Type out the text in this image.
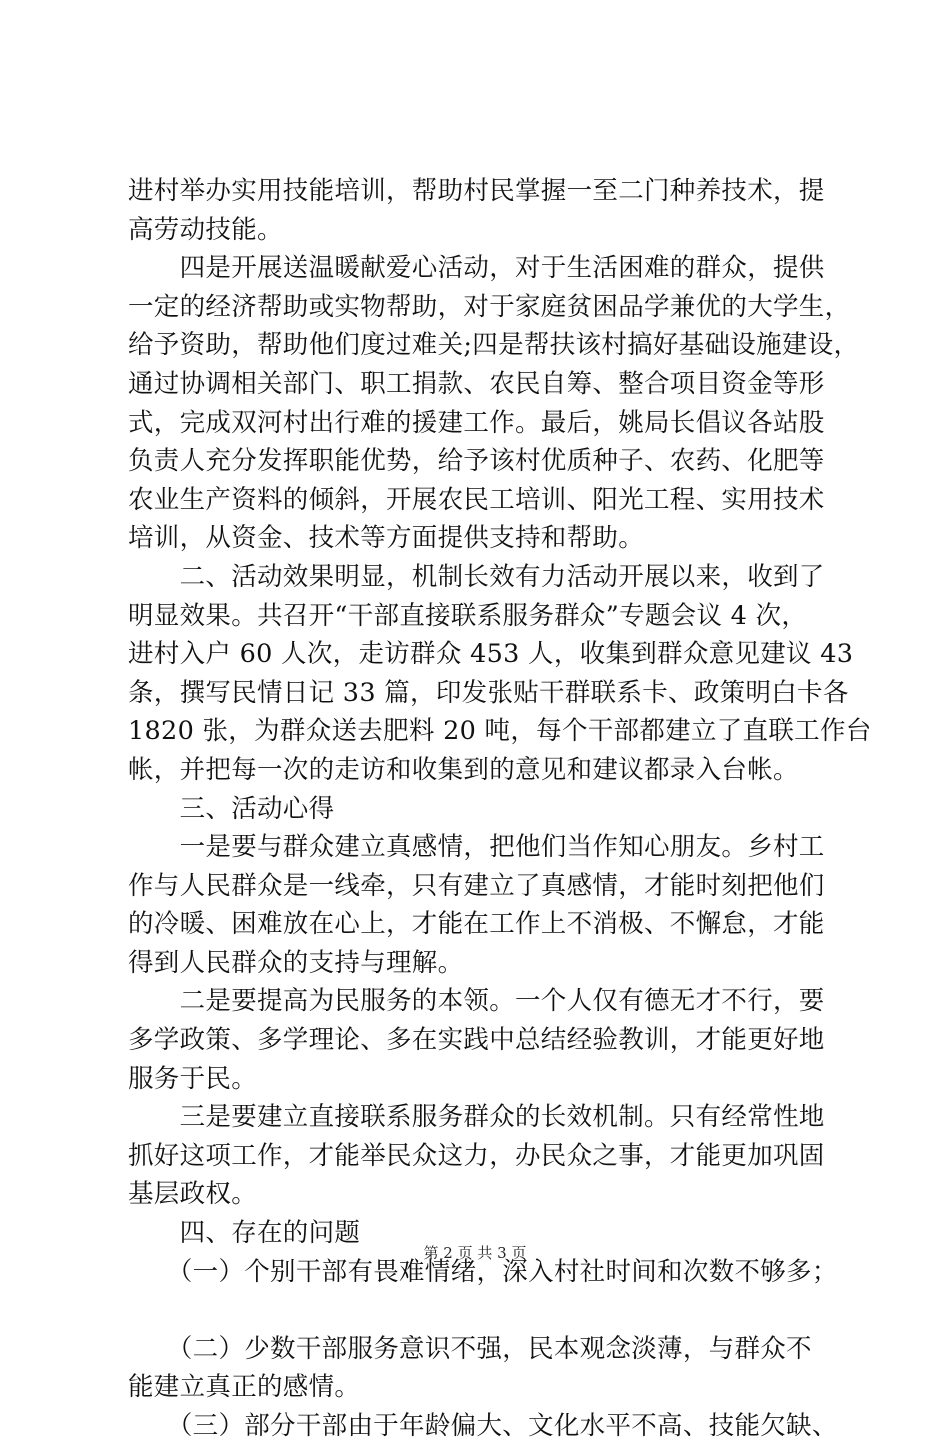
进村举办实用技能培训，帮助村民掌握一至二门种养技术，提
高劳动技能。
　　四是开展送温暖献爱心活动，对于生活困难的群众，提供
一定的经济帮助或实物帮助，对于家庭贫困品学兼优的大学生，
给予资助，帮助他们度过难关;四是帮扶该村搞好基础设施建设，
通过协调相关部门、职工捐款、农民自筹、整合项目资金等形
式，完成双河村出行难的援建工作。最后，姚局长倡议各站股
负责人充分发挥职能优势，给予该村优质种子、农药、化肥等
农业生产资料的倾斜，开展农民工培训、阳光工程、实用技术
培训，从资金、技术等方面提供支持和帮助。
　　二、活动效果明显，机制长效有力活动开展以来，收到了
明显效果。共召开“干部直接联系服务群众”专题会议 4 次，
进村入户 60 人次，走访群众 453 人，收集到群众意见建议 43
条，撰写民情日记 33 篇，印发张贴干群联系卡、政策明白卡各
1820 张，为群众送去肥料 20 吨，每个干部都建立了直联工作台
帐，并把每一次的走访和收集到的意见和建议都录入台帐。
　　三、活动心得
　　一是要与群众建立真感情，把他们当作知心朋友。乡村工
作与人民群众是一线牵，只有建立了真感情，才能时刻把他们
的冷暖、困难放在心上，才能在工作上不消极、不懈怠，才能
得到人民群众的支持与理解。
　　二是要提高为民服务的本领。一个人仅有德无才不行，要
多学政策、多学理论、多在实践中总结经验教训，才能更好地
服务于民。
　　三是要建立直接联系服务群众的长效机制。只有经常性地
抓好这项工作，才能举民众这力，办民众之事，才能更加巩固
基层政权。
　　四、存在的问题
　　（一）个别干部有畏难情绪，深入村社时间和次数不够多；
　　（二）少数干部服务意识不强，民本观念淡薄，与群众不
能建立真正的感情。
　　（三）部分干部由于年龄偏大、文化水平不高、技能欠缺、
第 2 页 共 3 页
